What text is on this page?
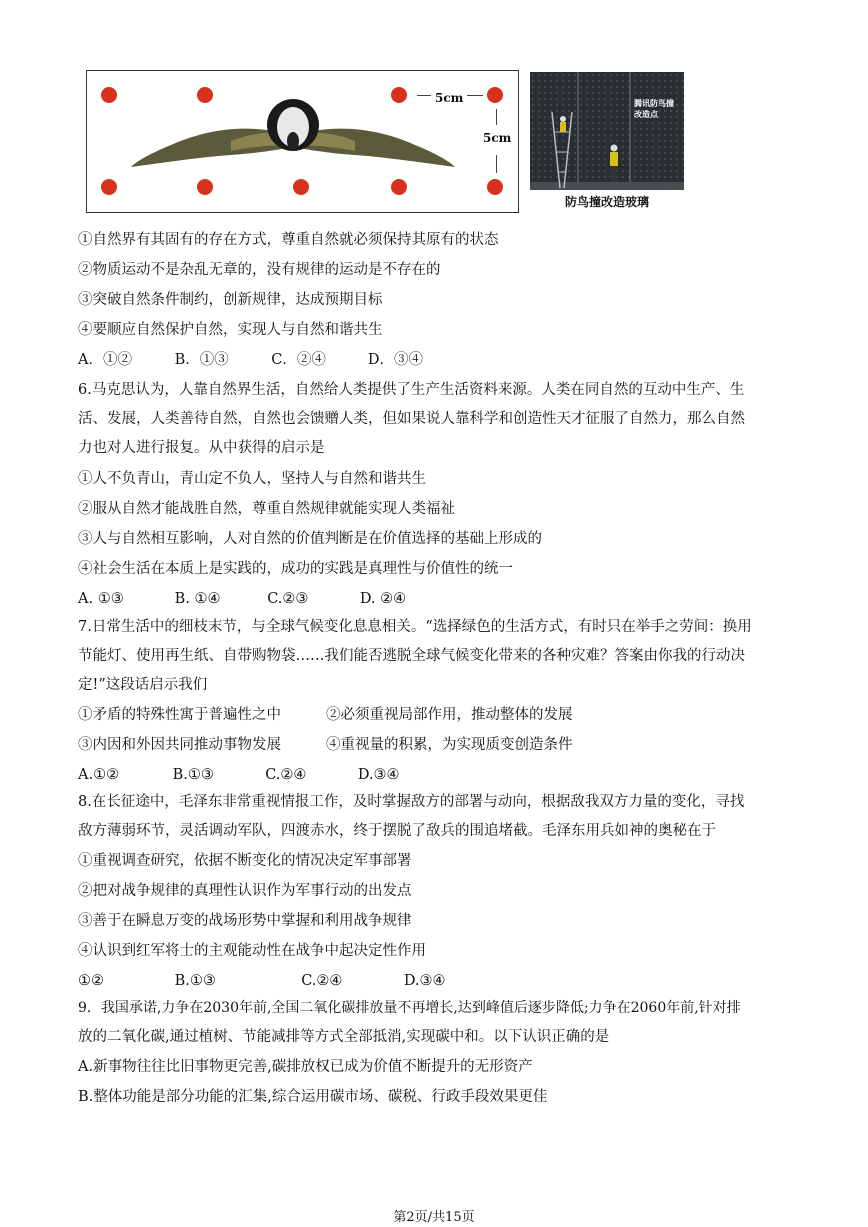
5cm
5cm
腾讯防鸟撞改造点
防鸟撞改造玻璃
①自然界有其固有的存在方式，尊重自然就必须保持其原有的状态
②物质运动不是杂乱无章的，没有规律的运动是不存在的
③突破自然条件制约，创新规律，达成预期目标
④要顺应自然保护自然，实现人与自然和谐共生
A．①②	B．①③	C．②④	D．③④
6.马克思认为，人靠自然界生活，自然给人类提供了生产生活资料来源。人类在同自然的互动中生产、生
活、发展，人类善待自然，自然也会馈赠人类，但如果说人靠科学和创造性天才征服了自然力，那么自然
力也对人进行报复。从中获得的启示是
①人不负青山，青山定不负人，坚持人与自然和谐共生
②服从自然才能战胜自然，尊重自然规律就能实现人类福祉
③人与自然相互影响，人对自然的价值判断是在价值选择的基础上形成的
④社会生活在本质上是实践的，成功的实践是真理性与价值性的统一
A. ①③	B. ①④	C.②③	D. ②④
7.日常生活中的细枝末节，与全球气候变化息息相关。“选择绿色的生活方式，有时只在举手之劳间：换用
节能灯、使用再生纸、自带购物袋……我们能否逃脱全球气候变化带来的各种灾难？答案由你我的行动决
定!”这段话启示我们
①矛盾的特殊性寓于普遍性之中	②必须重视局部作用，推动整体的发展
③内因和外因共同推动事物发展	④重视量的积累，为实现质变创造条件
A.①②	B.①③	C.②④	D.③④
8.在长征途中，毛泽东非常重视情报工作，及时掌握敌方的部署与动向，根据敌我双方力量的变化，寻找
敌方薄弱环节，灵活调动军队，四渡赤水，终于摆脱了敌兵的围追堵截。毛泽东用兵如神的奥秘在于
①重视调查研究，依据不断变化的情况决定军事部署
②把对战争规律的真理性认识作为军事行动的出发点
③善于在瞬息万变的战场形势中掌握和利用战争规律
④认识到红军将士的主观能动性在战争中起决定性作用
①②	B.①③	C.②④	D.③④
9．我国承诺,力争在2030年前,全国二氧化碳排放量不再增长,达到峰值后逐步降低;力争在2060年前,针对排
放的二氧化碳,通过植树、节能减排等方式全部抵消,实现碳中和。以下认识正确的是
A.新事物往往比旧事物更完善,碳排放权已成为价值不断提升的无形资产
B.整体功能是部分功能的汇集,综合运用碳市场、碳税、行政手段效果更佳
第2页/共15页
